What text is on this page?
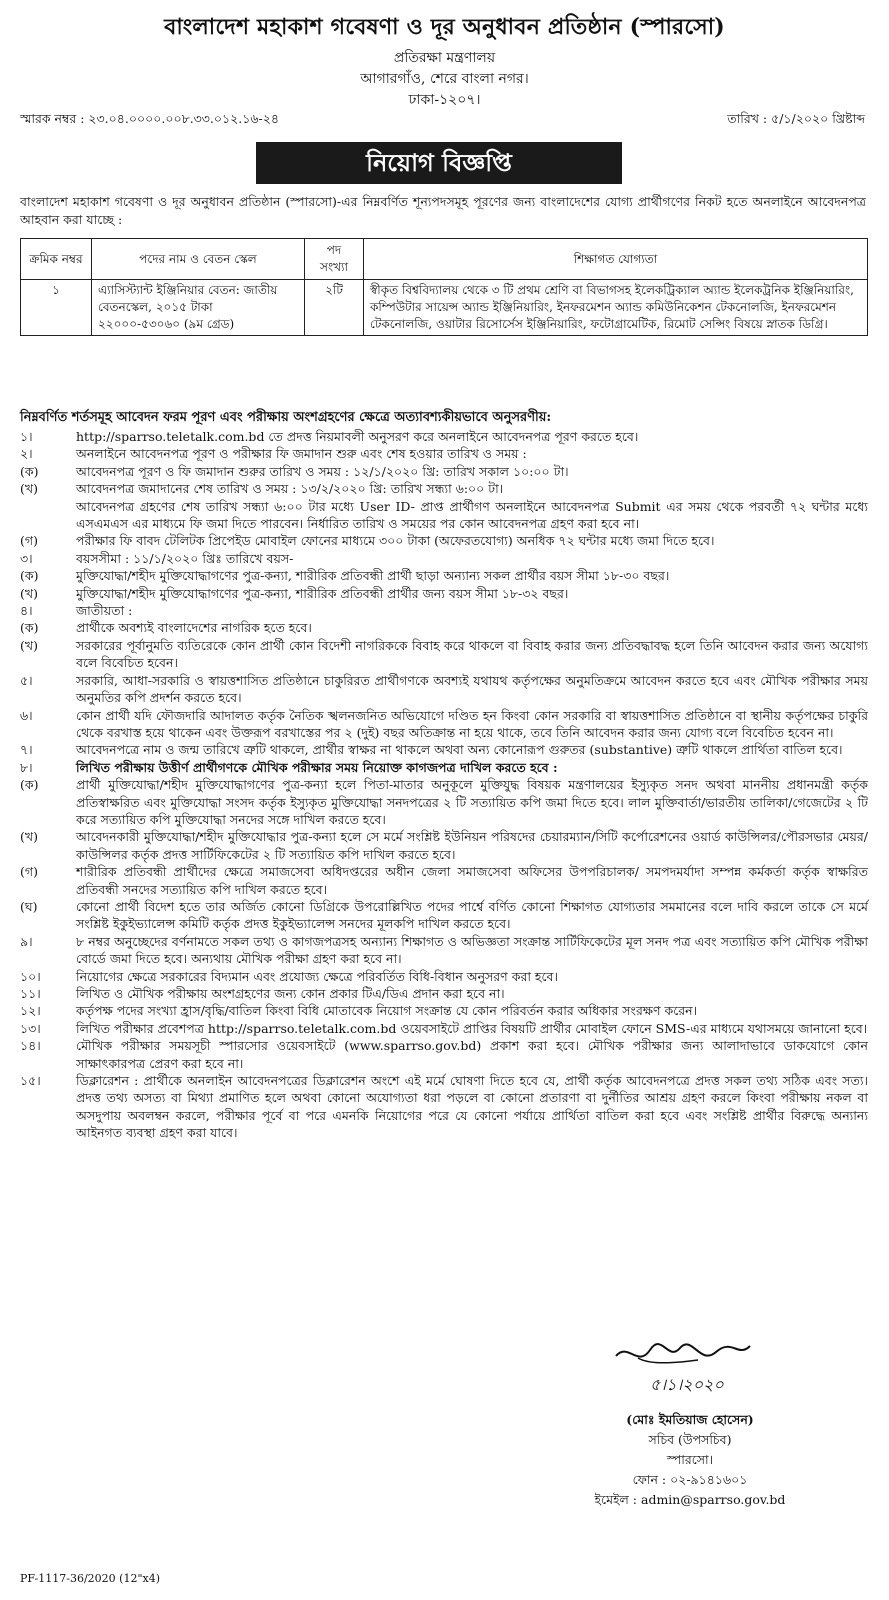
বাংলাদেশ মহাকাশ গবেষণা ও দূর অনুধাবন প্রতিষ্ঠান (স্পারসো)
প্রতিরক্ষা মন্ত্রণালয়
আগারগাঁও, শেরে বাংলা নগর।
ঢাকা-১২০৭।
স্মারক নম্বর : ২৩.০৪.০০০০.০০৮.৩৩.০১২.১৬-২৪	তারিখ : ৫/১/২০২০ খ্রিষ্টাব্দ
নিয়োগ বিজ্ঞপ্তি
বাংলাদেশ মহাকাশ গবেষণা ও দূর অনুধাবন প্রতিষ্ঠান (স্পারসো)-এর নিম্নবর্ণিত শূন্যপদসমূহ পূরণের জন্য বাংলাদেশের যোগ্য প্রার্থীগণের নিকট হতে অনলাইনে আবেদনপত্র আহবান করা যাচ্ছে :
ক্রমিক নম্বর	পদের নাম ও বেতন স্কেল	পদ সংখ্যা	শিক্ষাগত যোগ্যতা
১	এ্যাসিস্ট্যান্ট ইঞ্জিনিয়ার বেতন: জাতীয় বেতনস্কেল, ২০১৫ টাকা ২২০০০-৫৩০৬০ (৯ম গ্রেড)	২টি	স্বীকৃত বিশ্ববিদ্যালয় থেকে ৩ টি প্রথম শ্রেণি বা বিভাগসহ ইলেকট্রিক্যাল অ্যান্ড ইলেকট্রনিক ইঞ্জিনিয়ারিং, কম্পিউটার সায়েন্স অ্যান্ড ইঞ্জিনিয়ারিং, ইনফরমেশন অ্যান্ড কমিউনিকেশন টেকনোলজি, ইনফরমেশন টেকনোলজি, ওয়াটার রিসোর্সেস ইঞ্জিনিয়ারিং, ফটোগ্রামেটিক, রিমোট সেন্সিং বিষয়ে স্নাতক ডিগ্রি।
নিম্নবর্ণিত শর্তসমূহ আবেদন ফরম পূরণ এবং পরীক্ষায় অংশগ্রহণের ক্ষেত্রে অত্যাবশ্যকীয়ভাবে অনুসরণীয়:
১।	http://sparrso.teletalk.com.bd তে প্রদত্ত নিয়মাবলী অনুসরণ করে অনলাইনে আবেদনপত্র পূরণ করতে হবে।
২।	অনলাইনে আবেদনপত্র পূরণ ও পরীক্ষার ফি জমাদান শুরু এবং শেষ হওয়ার তারিখ ও সময় :
(ক)	আবেদনপত্র পূরণ ও ফি জমাদান শুরুর তারিখ ও সময় : ১২/১/২০২০ খ্রি: তারিখ সকাল ১০:০০ টা।
(খ)	আবেদনপত্র জমাদানের শেষ তারিখ ও সময় : ১৩/২/২০২০ খ্রি: তারিখ সন্ধ্যা ৬:০০ টা।
আবেদনপত্র গ্রহণের শেষ তারিখ সন্ধ্যা ৬:০০ টার মধ্যে User ID- প্রাপ্ত প্রার্থীগণ অনলাইনে আবেদনপত্র Submit এর সময় থেকে পরবর্তী ৭২ ঘন্টার মধ্যে এসএমএস এর মাধ্যমে ফি জমা দিতে পারবেন। নির্ধারিত তারিখ ও সময়ের পর কোন আবেদনপত্র গ্রহণ করা হবে না।
(গ)	পরীক্ষার ফি বাবদ টেলিটক প্রিপেইড মোবাইল ফোনের মাধ্যমে ৩০০ টাকা (অফেরতযোগ্য) অনধিক ৭২ ঘন্টার মধ্যে জমা দিতে হবে।
৩।	বয়সসীমা : ১১/১/২০২০ খ্রিঃ তারিখে বয়স-
(ক)	মুক্তিযোদ্ধা/শহীদ মুক্তিযোদ্ধাগণের পুত্র-কন্যা, শারীরিক প্রতিবন্ধী প্রার্থী ছাড়া অন্যান্য সকল প্রার্থীর বয়স সীমা ১৮-৩০ বছর।
(খ)	মুক্তিযোদ্ধা/শহীদ মুক্তিযোদ্ধাগণের পুত্র-কন্যা, শারীরিক প্রতিবন্ধী প্রার্থীর জন্য বয়স সীমা ১৮-৩২ বছর।
৪।	জাতীয়তা :
(ক)	প্রার্থীকে অবশ্যই বাংলাদেশের নাগরিক হতে হবে।
(খ)	সরকারের পূর্বানুমতি ব্যতিরেকে কোন প্রার্থী কোন বিদেশী নাগরিককে বিবাহ করে থাকলে বা বিবাহ করার জন্য প্রতিবদ্ধাবদ্ধ হলে তিনি আবেদন করার জন্য অযোগ্য বলে বিবেচিত হবেন।
৫।	সরকারি, আধা-সরকারি ও স্বায়ত্তশাসিত প্রতিষ্ঠানে চাকুরিরত প্রার্থীগণকে অবশ্যই যথাযথ কর্তৃপক্ষের অনুমতিক্রমে আবেদন করতে হবে এবং মৌখিক পরীক্ষার সময় অনুমতির কপি প্রদর্শন করতে হবে।
৬।	কোন প্রার্থী যদি ফৌজদারি আদালত কর্তৃক নৈতিক স্খলনজনিত অভিযোগে দণ্ডিত হন কিংবা কোন সরকারি বা স্বায়ত্তশাসিত প্রতিষ্ঠানে বা স্থানীয় কর্তৃপক্ষের চাকুরি থেকে বরখাস্ত হয়ে থাকেন এবং উক্তরূপ বরখাস্তের পর ২ (দুই) বছর অতিক্রান্ত না হয়ে থাকে, তবে তিনি আবেদন করার জন্য যোগ্য বলে বিবেচিত হবেন না।
৭।	আবেদনপত্রে নাম ও জন্ম তারিখে ত্রুটি থাকলে, প্রার্থীর স্বাক্ষর না থাকলে অথবা অন্য কোনোরূপ গুরুতর (substantive) ত্রুটি থাকলে প্রার্থিতা বাতিল হবে।
৮।	লিখিত পরীক্ষায় উত্তীর্ণ প্রার্থীগণকে মৌখিক পরীক্ষার সময় নিয়োক্ত কাগজপত্র দাখিল করতে হবে :
(ক)	প্রার্থী মুক্তিযোদ্ধা/শহীদ মুক্তিযোদ্ধাগণের পুত্র-কন্যা হলে পিতা-মাতার অনুকূলে মুক্তিযুদ্ধ বিষয়ক মন্ত্রণালয়ের ইস্যুকৃত সনদ অথবা মাননীয় প্রধানমন্ত্রী কর্তৃক প্রতিস্বাক্ষরিত এবং মুক্তিযোদ্ধা সংসদ কর্তৃক ইস্যুকৃত মুক্তিযোদ্ধা সনদপত্রের ২ টি সত্যায়িত কপি জমা দিতে হবে। লাল মুক্তিবার্তা/ভারতীয় তালিকা/গেজেটের ২ টি করে সত্যায়িত কপি মুক্তিযোদ্ধা সনদের সঙ্গে দাখিল করতে হবে।
(খ)	আবেদনকারী মুক্তিযোদ্ধা/শহীদ মুক্তিযোদ্ধার পুত্র-কন্যা হলে সে মর্মে সংশ্লিষ্ট ইউনিয়ন পরিষদের চেয়ারম্যান/সিটি কর্পোরেশনের ওয়ার্ড কাউন্সিলর/পৌরসভার মেয়র/কাউন্সিলর কর্তৃক প্রদত্ত সার্টিফিকেটের ২ টি সত্যায়িত কপি দাখিল করতে হবে।
(গ)	শারীরিক প্রতিবন্ধী প্রার্থীদের ক্ষেত্রে সমাজসেবা অধিদপ্তরের অধীন জেলা সমাজসেবা অফিসের উপপরিচালক/ সমপদমর্যাদা সম্পন্ন কর্মকর্তা কর্তৃক স্বাক্ষরিত প্রতিবন্ধী সনদের সত্যায়িত কপি দাখিল করতে হবে।
(ঘ)	কোনো প্রার্থী বিদেশ হতে তার অর্জিত কোনো ডিগ্রিকে উপরোল্লিখিত পদের পার্শ্বে বর্ণিত কোনো শিক্ষাগত যোগ্যতার সমমানের বলে দাবি করলে তাকে সে মর্মে সংশ্লিষ্ট ইকুইভ্যালেন্স কমিটি কর্তৃক প্রদত্ত ইকুইভ্যালেন্স সনদের মূলকপি দাখিল করতে হবে।
৯।	৮ নম্বর অনুচ্ছেদের বর্ণনামতে সকল তথ্য ও কাগজপত্রসহ অন্যান্য শিক্ষাগত ও অভিজ্ঞতা সংক্রান্ত সার্টিফিকেটের মূল সনদ পত্র এবং সত্যায়িত কপি মৌখিক পরীক্ষা বোর্ডে জমা দিতে হবে। অন্যথায় মৌখিক পরীক্ষা গ্রহণ করা হবে না।
১০।	নিয়োগের ক্ষেত্রে সরকারের বিদ্যমান এবং প্রযোজ্য ক্ষেত্রে পরিবর্তিত বিধি-বিধান অনুসরণ করা হবে।
১১।	লিখিত ও মৌখিক পরীক্ষায় অংশগ্রহণের জন্য কোন প্রকার টিএ/ডিএ প্রদান করা হবে না।
১২।	কর্তৃপক্ষ পদের সংখ্যা হ্রাস/বৃদ্ধি/বাতিল কিংবা বিধি মোতাবেক নিয়োগ সংক্রান্ত যে কোন পরিবর্তন করার অধিকার সংরক্ষণ করেন।
১৩।	লিখিত পরীক্ষার প্রবেশপত্র http://sparrso.teletalk.com.bd ওয়েবসাইটে প্রাপ্তির বিষয়টি প্রার্থীর মোবাইল ফোনে SMS-এর মাধ্যমে যথাসময়ে জানানো হবে।
১৪।	মৌখিক পরীক্ষার সময়সূচী স্পারসোর ওয়েবসাইটে (www.sparrso.gov.bd) প্রকাশ করা হবে। মৌখিক পরীক্ষার জন্য আলাদাভাবে ডাকযোগে কোন সাক্ষাৎকারপত্র প্রেরণ করা হবে না।
১৫।	ডিক্লারেশন : প্রার্থীকে অনলাইন আবেদনপত্রের ডিক্লারেশন অংশে এই মর্মে ঘোষণা দিতে হবে যে, প্রার্থী কর্তৃক আবেদনপত্রে প্রদত্ত সকল তথ্য সঠিক এবং সত্য। প্রদত্ত তথ্য অসত্য বা মিথ্যা প্রমাণিত হলে অথবা কোনো অযোগ্যতা ধরা পড়লে বা কোনো প্রতারণা বা দুর্নীতির আশ্রয় গ্রহণ করলে কিংবা পরীক্ষায় নকল বা অসদুপায় অবলম্বন করলে, পরীক্ষার পূর্বে বা পরে এমনকি নিয়োগের পরে যে কোনো পর্যায়ে প্রার্থিতা বাতিল করা হবে এবং সংশ্লিষ্ট প্রার্থীর বিরুদ্ধে অন্যান্য আইনগত ব্যবস্থা গ্রহণ করা যাবে।
৫।১।২০২০
(মোঃ ইমতিয়াজ হোসেন)
সচিব (উপসচিব)
স্পারসো।
ফোন : ০২-৯১৪১৬০১
ইমেইল : admin@sparrso.gov.bd
PF-1117-36/2020 (12"x4)
